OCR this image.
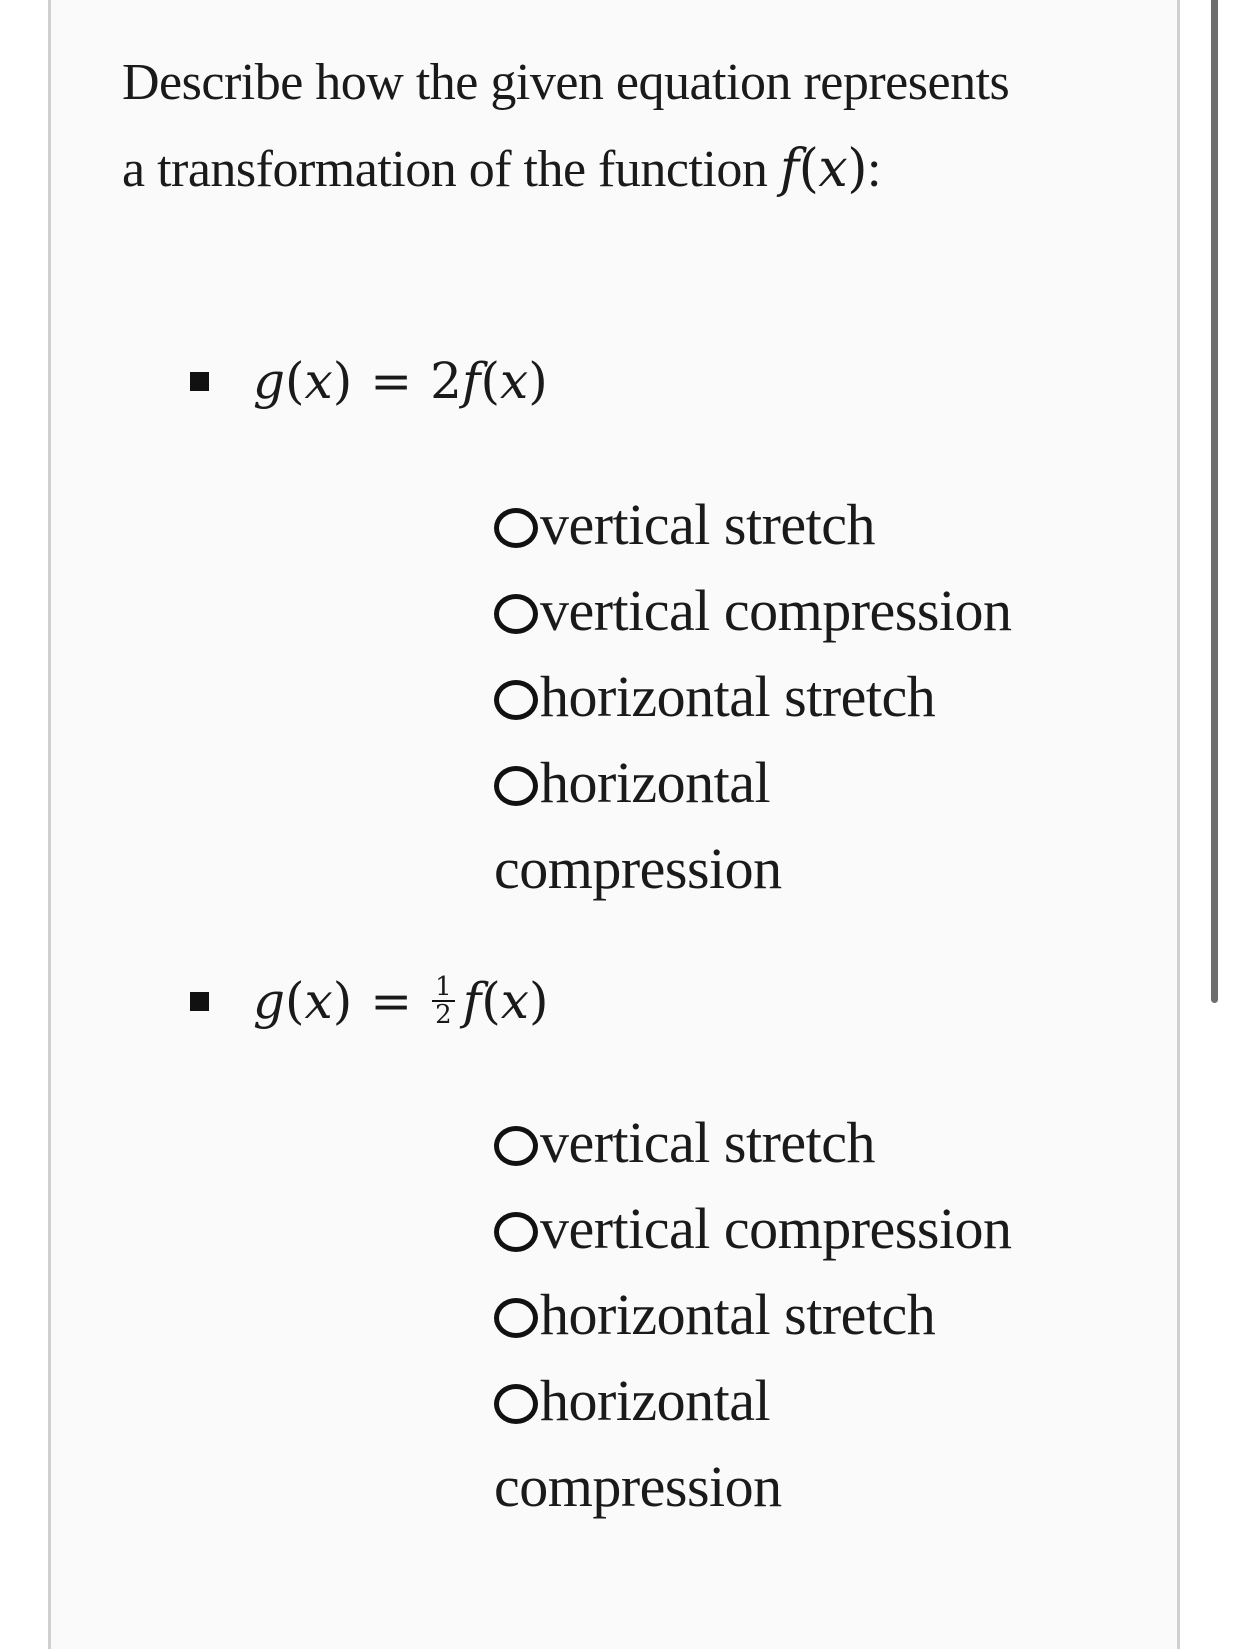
Describe how the given equation represents a transformation of the function f(x):
g ( x ) = 2 f ( x )
vertical stretch
vertical compression
horizontal stretch
horizontal compression
g ( x ) = $\frac{1}{2}$ f ( x )
vertical stretch
vertical compression
horizontal stretch
horizontal compression
